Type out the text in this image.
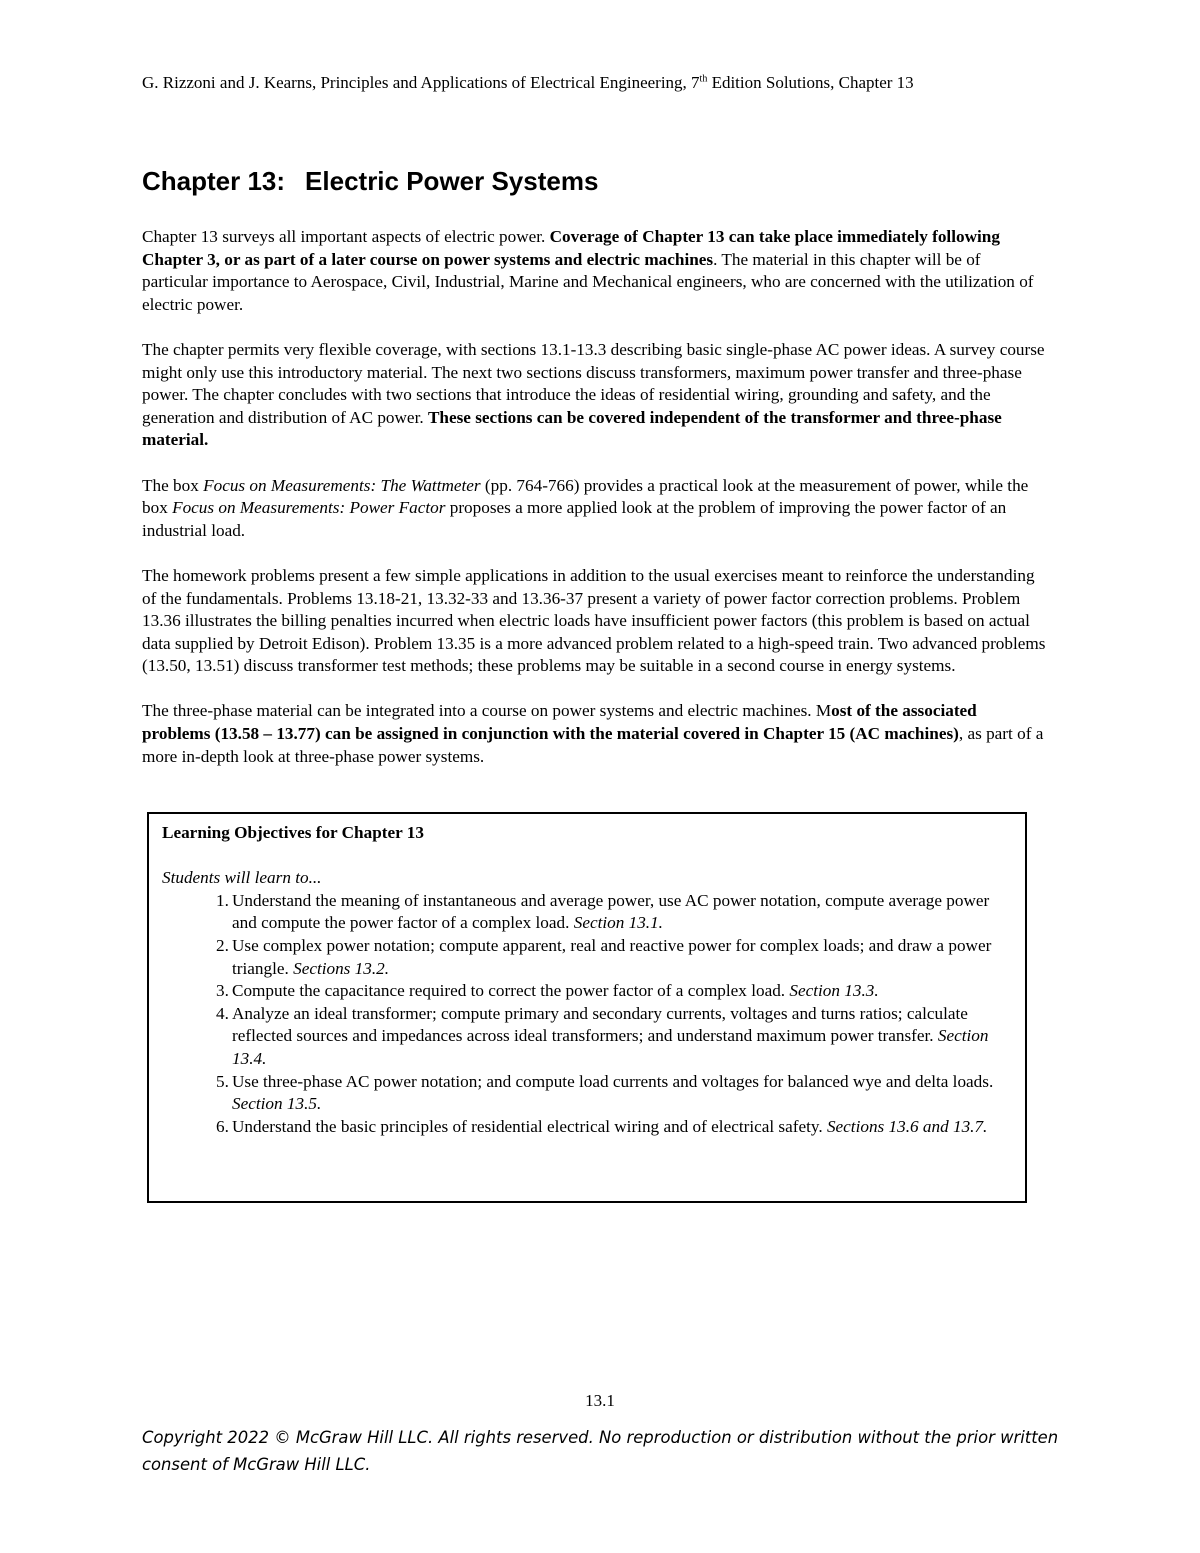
G. Rizzoni and J. Kearns, Principles and Applications of Electrical Engineering, 7th Edition Solutions, Chapter 13
Chapter 13: Electric Power Systems

Chapter 13 surveys all important aspects of electric power. Coverage of Chapter 13 can take place immediately following Chapter 3, or as part of a later course on power systems and electric machines. The material in this chapter will be of particular importance to Aerospace, Civil, Industrial, Marine and Mechanical engineers, who are concerned with the utilization of electric power.

The chapter permits very flexible coverage, with sections 13.1-13.3 describing basic single-phase AC power ideas. A survey course might only use this introductory material. The next two sections discuss transformers, maximum power transfer and three-phase power. The chapter concludes with two sections that introduce the ideas of residential wiring, grounding and safety, and the generation and distribution of AC power. These sections can be covered independent of the transformer and three-phase material.

The box Focus on Measurements: The Wattmeter (pp. 764-766) provides a practical look at the measurement of power, while the box Focus on Measurements: Power Factor proposes a more applied look at the problem of improving the power factor of an industrial load.

The homework problems present a few simple applications in addition to the usual exercises meant to reinforce the understanding of the fundamentals. Problems 13.18-21, 13.32-33 and 13.36-37 present a variety of power factor correction problems. Problem 13.36 illustrates the billing penalties incurred when electric loads have insufficient power factors (this problem is based on actual data supplied by Detroit Edison). Problem 13.35 is a more advanced problem related to a high-speed train. Two advanced problems (13.50, 13.51) discuss transformer test methods; these problems may be suitable in a second course in energy systems.

The three-phase material can be integrated into a course on power systems and electric machines. Most of the associated problems (13.58 – 13.77) can be assigned in conjunction with the material covered in Chapter 15 (AC machines), as part of a more in-depth look at three-phase power systems.

Learning Objectives for Chapter 13
Students will learn to...
1. Understand the meaning of instantaneous and average power, use AC power notation, compute average power and compute the power factor of a complex load. Section 13.1.
2. Use complex power notation; compute apparent, real and reactive power for complex loads; and draw a power triangle. Sections 13.2.
3. Compute the capacitance required to correct the power factor of a complex load. Section 13.3.
4. Analyze an ideal transformer; compute primary and secondary currents, voltages and turns ratios; calculate reflected sources and impedances across ideal transformers; and understand maximum power transfer. Section 13.4.
5. Use three-phase AC power notation; and compute load currents and voltages for balanced wye and delta loads. Section 13.5.
6. Understand the basic principles of residential electrical wiring and of electrical safety. Sections 13.6 and 13.7.
13.1
Copyright 2022 © McGraw Hill LLC. All rights reserved. No reproduction or distribution without the prior written consent of McGraw Hill LLC.
